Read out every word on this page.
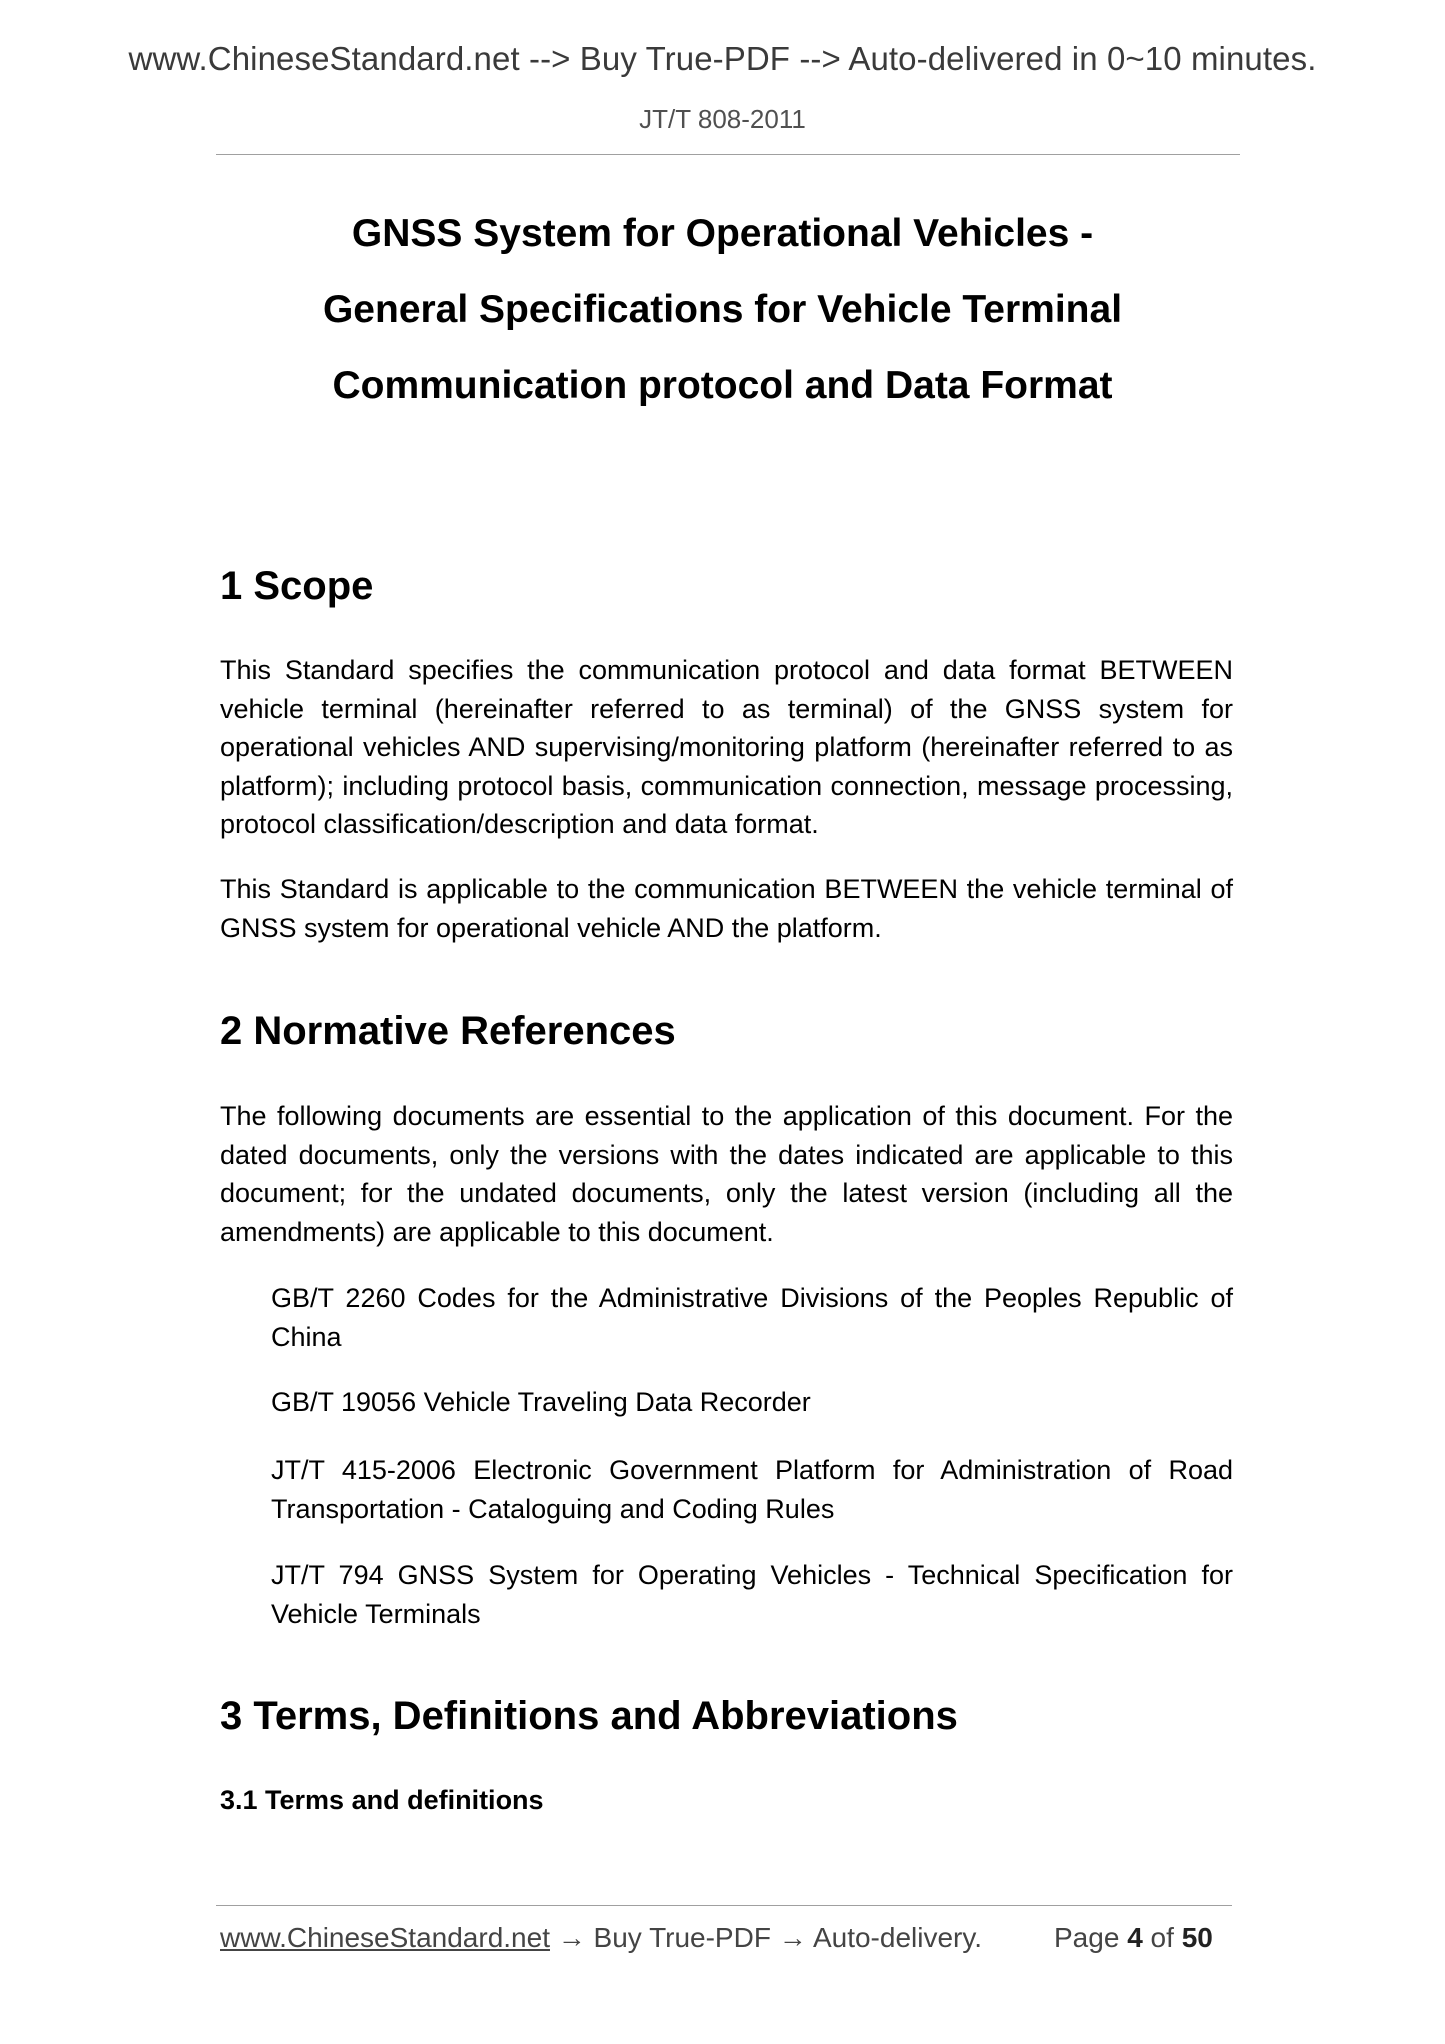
www.ChineseStandard.net --> Buy True-PDF --> Auto-delivered in 0~10 minutes.
JT/T 808-2011
GNSS System for Operational Vehicles -
General Specifications for Vehicle Terminal
Communication protocol and Data Format
1 Scope

This Standard specifies the communication protocol and data format BETWEEN vehicle terminal (hereinafter referred to as terminal) of the GNSS system for operational vehicles AND supervising/monitoring platform (hereinafter referred to as platform); including protocol basis, communication connection, message processing, protocol classification/description and data format.

This Standard is applicable to the communication BETWEEN the vehicle terminal of GNSS system for operational vehicle AND the platform.

2 Normative References

The following documents are essential to the application of this document. For the dated documents, only the versions with the dates indicated are applicable to this document; for the undated documents, only the latest version (including all the amendments) are applicable to this document.

GB/T 2260 Codes for the Administrative Divisions of the Peoples Republic of China

GB/T 19056 Vehicle Traveling Data Recorder

JT/T 415-2006 Electronic Government Platform for Administration of Road Transportation - Cataloguing and Coding Rules

JT/T 794 GNSS System for Operating Vehicles - Technical Specification for Vehicle Terminals

3 Terms, Definitions and Abbreviations
3.1 Terms and definitions
www.ChineseStandard.net → Buy True-PDF → Auto-delivery.	Page 4 of 50
